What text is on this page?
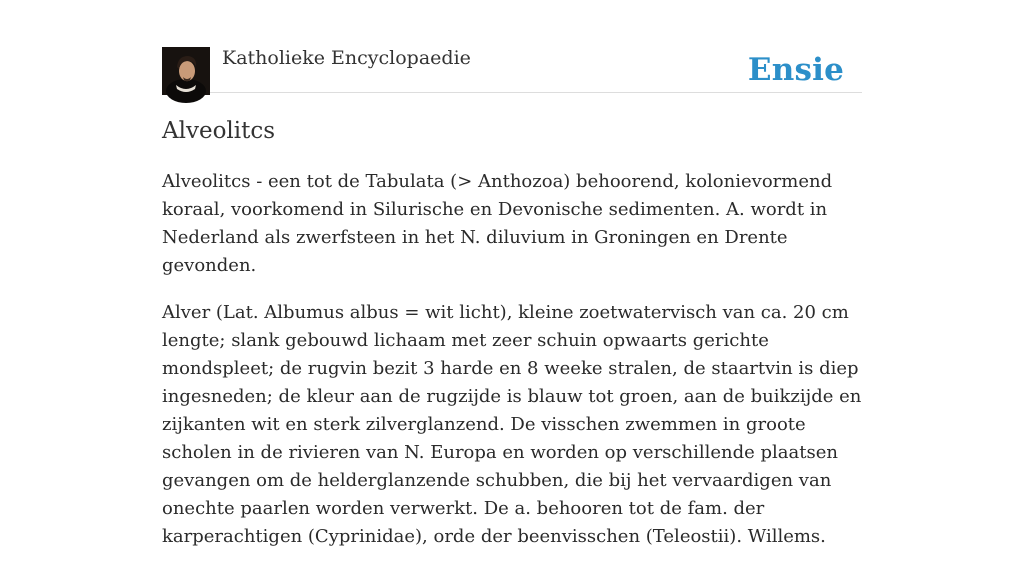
Katholieke Encyclopaedie	Ensie
Alveolitcs

Alveolitcs - een tot de Tabulata (> Anthozoa) behoorend, kolonievormend koraal, voorkomend in Silurische en Devonische sedimenten. A. wordt in Nederland als zwerfsteen in het N. diluvium in Groningen en Drente gevonden.

Alver (Lat. Albumus albus = wit licht), kleine zoetwatervisch van ca. 20 cm lengte; slank gebouwd lichaam met zeer schuin opwaarts gerichte mondspleet; de rugvin bezit 3 harde en 8 weeke stralen, de staartvin is diep ingesneden; de kleur aan de rugzijde is blauw tot groen, aan de buikzijde en zijkanten wit en sterk zilverglanzend. De visschen zwemmen in groote scholen in de rivieren van N. Europa en worden op verschillende plaatsen gevangen om de helderglanzende schubben, die bij het vervaardigen van onechte paarlen worden verwerkt. De a. behooren tot de fam. der karperachtigen (Cyprinidae), orde der beenvisschen (Teleostii). Willems.
